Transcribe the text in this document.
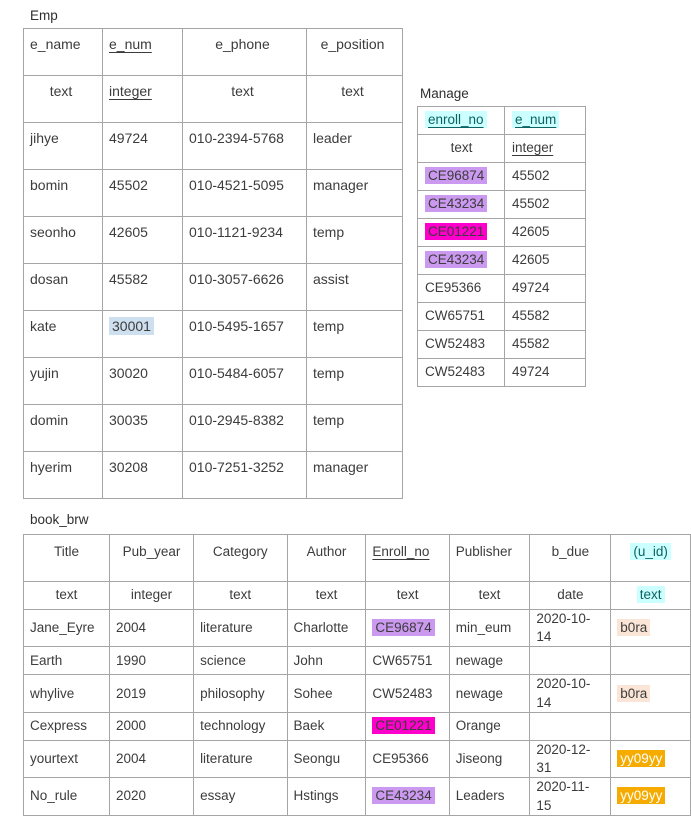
Emp
e_name	e_num	e_phone	e_position
text	integer	text	text
jihye	49724	010-2394-5768	leader
bomin	45502	010-4521-5095	manager
seonho	42605	010-1121-9234	temp
dosan	45582	010-3057-6626	assist
kate	30001	010-5495-1657	temp
yujin	30020	010-5484-6057	temp
domin	30035	010-2945-8382	temp
hyerim	30208	010-7251-3252	manager
Manage
enroll_no	e_num
text	integer
CE96874	45502
CE43234	45502
CE01221	42605
CE43234	42605
CE95366	49724
CW65751	45582
CW52483	45582
CW52483	49724
book_brw
Title	Pub_year	Category	Author	Enroll_no	Publisher	b_due	(u_id)
text	integer	text	text	text	text	date	text
Jane_Eyre	2004	literature	Charlotte	CE96874	min_eum	2020-10-14	b0ra
Earth	1990	science	John	CW65751	newage		
whylive	2019	philosophy	Sohee	CW52483	newage	2020-10-14	b0ra
Cexpress	2000	technology	Baek	CE01221	Orange		
yourtext	2004	literature	Seongu	CE95366	Jiseong	2020-12-31	yy09yy
No_rule	2020	essay	Hstings	CE43234	Leaders	2020-11-15	yy09yy
